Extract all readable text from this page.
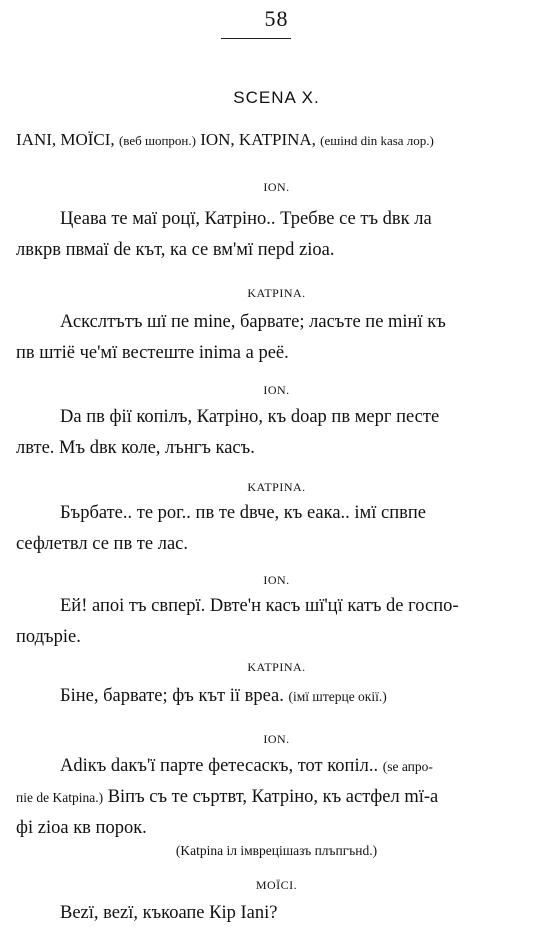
58
SCENA X.
IANI, MOÏCI, (веб шопрон.) ION, KATPINA, (ешінd din kasa лор.)
ION.
Цеава те маї роцї, Катріно.. Требве се тъ dвк ла
лвкрв пвмаї de кът, ка се вм'мї перd zіоа.
KATPINA.
Аскслтътъ шї пе mine, барвате; ласъте пе miнї къ
пв штіё че'мї вестеште inima а реё.
ION.
Da пв фії копілъ, Катріно, къ doap пв мерг песте
лвте. Мъ dвк коле, лънгъ касъ.
KATPINA.
Бърбате.. те рог.. пв те dвче, къ еака.. імї спвпе
сефлетвл се пв те лас.
ION.
Ей! апоі тъ свперї. Dвте'н касъ шї'цї катъ de госпо-
подъріе.
KATPINA.
Біне, барвате; фъ кът ії вреа. (імї штерце окії.)
ION.
Adікъ dакъ'ї парте фетесаскъ, тот копіл.. (se апро-
піе de Katpina.) Віпъ съ те съртвт, Катріно, къ астфел mї-а
фі zіоа кв порок.
(Katpina іл імврецішазъ плъпгънd.)
MOÏCI.
Веzї, веzї, къкоапе Кір Іаnі?
